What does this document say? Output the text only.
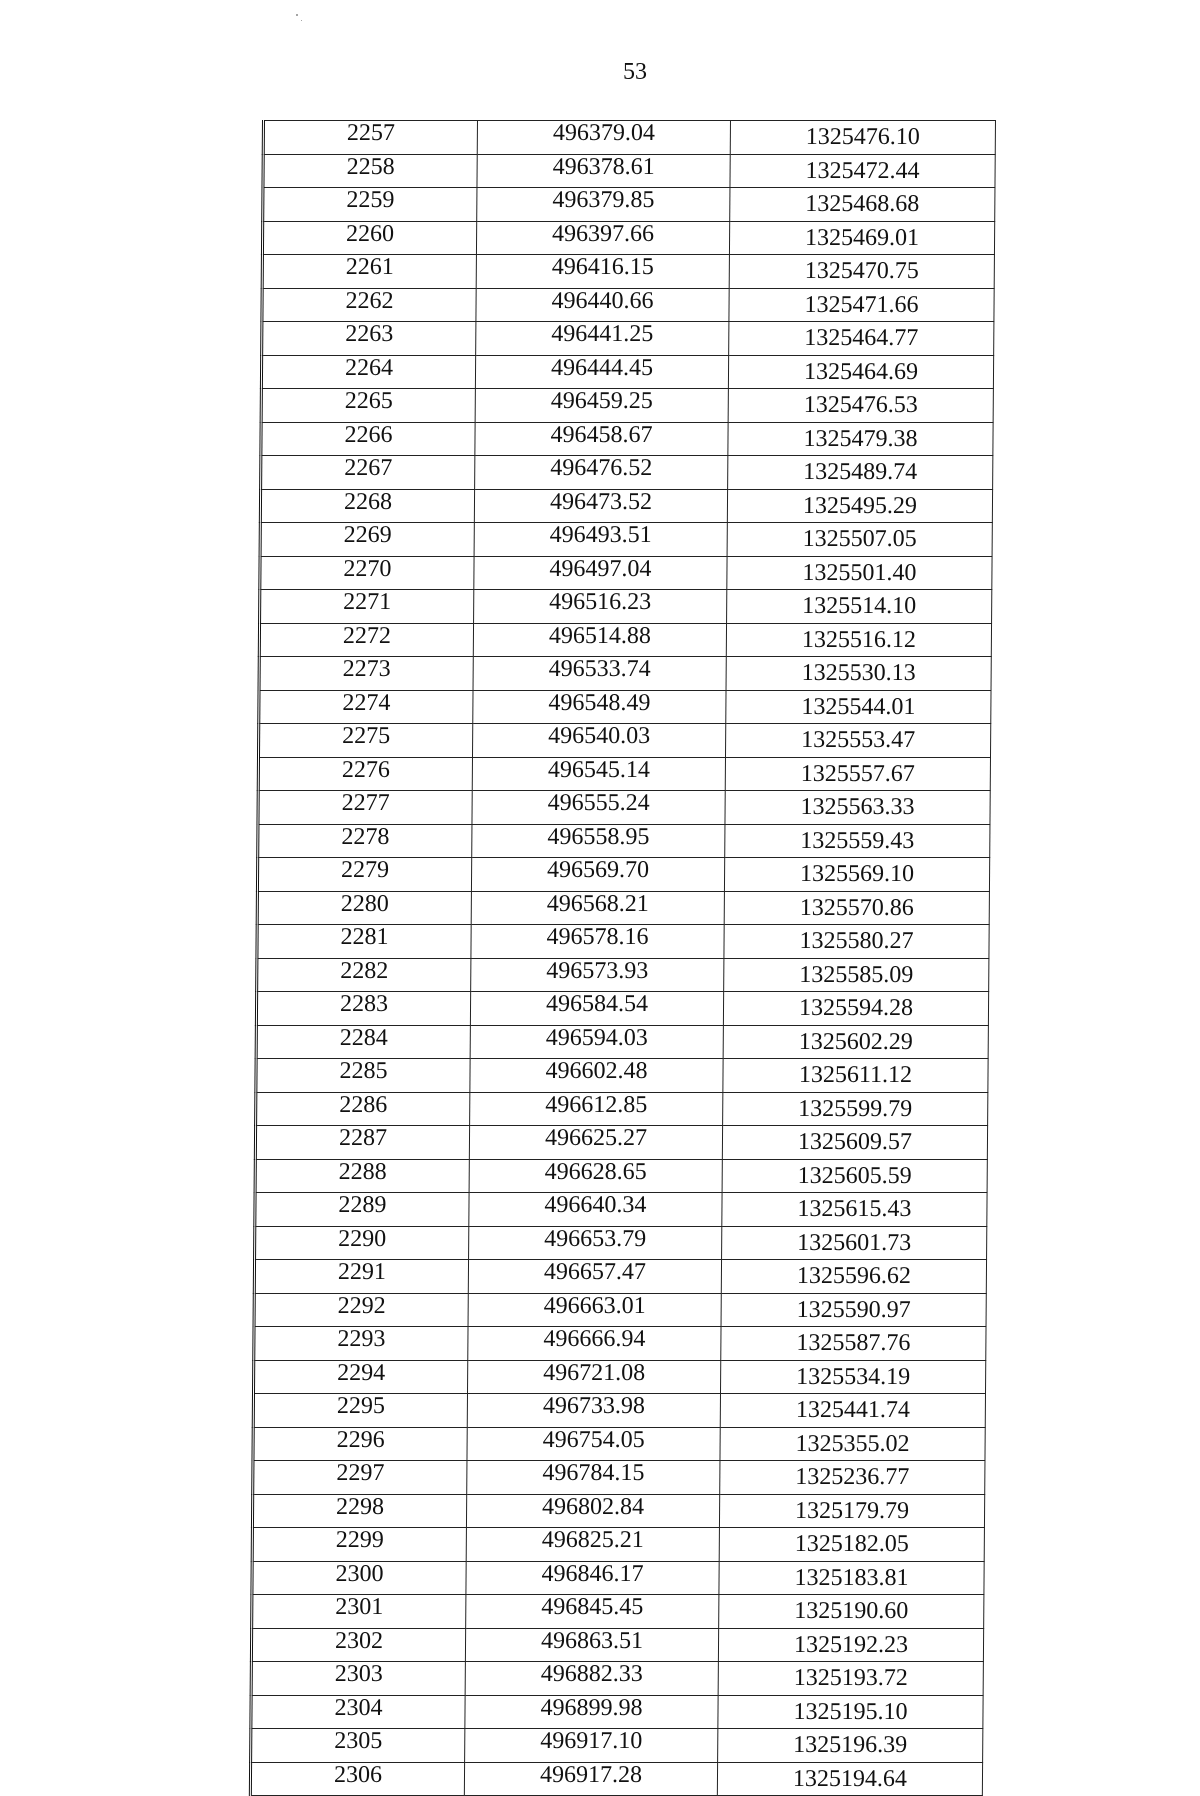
53
2257	496379.04	1325476.10
2258	496378.61	1325472.44
2259	496379.85	1325468.68
2260	496397.66	1325469.01
2261	496416.15	1325470.75
2262	496440.66	1325471.66
2263	496441.25	1325464.77
2264	496444.45	1325464.69
2265	496459.25	1325476.53
2266	496458.67	1325479.38
2267	496476.52	1325489.74
2268	496473.52	1325495.29
2269	496493.51	1325507.05
2270	496497.04	1325501.40
2271	496516.23	1325514.10
2272	496514.88	1325516.12
2273	496533.74	1325530.13
2274	496548.49	1325544.01
2275	496540.03	1325553.47
2276	496545.14	1325557.67
2277	496555.24	1325563.33
2278	496558.95	1325559.43
2279	496569.70	1325569.10
2280	496568.21	1325570.86
2281	496578.16	1325580.27
2282	496573.93	1325585.09
2283	496584.54	1325594.28
2284	496594.03	1325602.29
2285	496602.48	1325611.12
2286	496612.85	1325599.79
2287	496625.27	1325609.57
2288	496628.65	1325605.59
2289	496640.34	1325615.43
2290	496653.79	1325601.73
2291	496657.47	1325596.62
2292	496663.01	1325590.97
2293	496666.94	1325587.76
2294	496721.08	1325534.19
2295	496733.98	1325441.74
2296	496754.05	1325355.02
2297	496784.15	1325236.77
2298	496802.84	1325179.79
2299	496825.21	1325182.05
2300	496846.17	1325183.81
2301	496845.45	1325190.60
2302	496863.51	1325192.23
2303	496882.33	1325193.72
2304	496899.98	1325195.10
2305	496917.10	1325196.39
2306	496917.28	1325194.64
